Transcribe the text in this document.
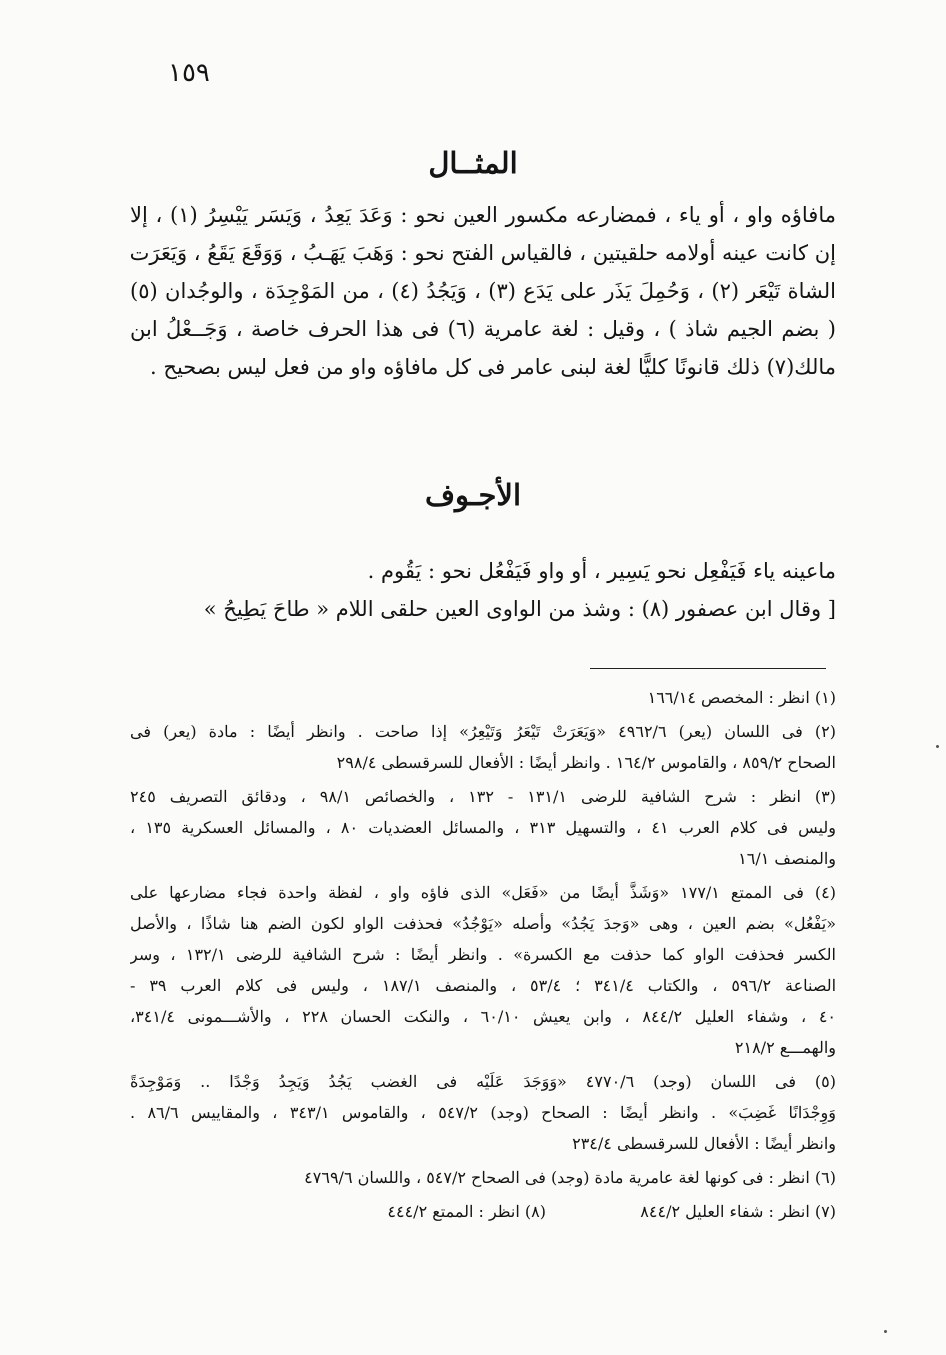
١٥٩
المثــال
مافاؤه واو ، أو ياء ، فمضارعه مكسور العين نحو : وَعَدَ يَعِدُ ، وَيَسَر يَيْسِرُ (١) ، إلا
إن كانت عينه أولامه حلقيتين ، فالقياس الفتح نحو : وَهَبَ يَهَـبُ ، وَوَقَعَ يَقَعُ ، وَيَعَرَت
الشاة تَيْعَر (٢) ، وَحُمِلَ يَذَر على يَدَع (٣) ، وَيَجُدُ (٤) ، من المَوْجِدَة ، والوجُدان (٥)
( بضم الجيم شاذ ) ، وقيل : لغة عامرية (٦) فى هذا الحرف خاصة ، وَجَــعْلُ ابن
مالك(٧) ذلك قانونًا كليًّا لغة لبنى عامر فى كل مافاؤه واو من فعل ليس بصحيح .
الأجـوف
ماعينه ياء فَيَفْعِل نحو يَسِير ، أو واو فَيَفْعُل نحو : يَقُوم .
[ وقال ابن عصفور (٨) : وشذ من الواوى العين حلقى اللام « طاحَ يَطِيحُ »
(١) انظر : المخصص ١٦٦/١٤
(٢) فى اللسان (يعر) ٤٩٦٢/٦ «وَيَعَرَتْ تَيْعَرُ وَتَيْعِرُ» إذا صاحت . وانظر أيضًا : مادة (يعر) فى
الصحاح ٨٥٩/٢ ، والقاموس ١٦٤/٢ . وانظر أيضًا : الأفعال للسرقسطى ٢٩٨/٤
(٣) انظر : شرح الشافية للرضى ١٣١/١ - ١٣٢ ، والخصائص ٩٨/١ ، ودقائق التصريف ٢٤٥
وليس فى كلام العرب ٤١ ، والتسهيل ٣١٣ ، والمسائل العضديات ٨٠ ، والمسائل العسكرية ١٣٥ ،
والمنصف ١٦/١
(٤) فى الممتع ١٧٧/١ «وَشَذَّ أيضًا من «فَعَل» الذى فاؤه واو ، لفظة واحدة فجاء مضارعها على
«يَفْعُل» بضم العين ، وهى «وَجدَ يَجُدُ» وأصله «يَوْجُدُ» فحذفت الواو لكون الضم هنا شاذًا ، والأصل
الكسر فحذفت الواو كما حذفت مع الكسرة» . وانظر أيضًا : شرح الشافية للرضى ١٣٢/١ ، وسر
الصناعة ٥٩٦/٢ ، والكتاب ٣٤١/٤ ؛ ٥٣/٤ ، والمنصف ١٨٧/١ ، وليس فى كلام العرب ٣٩ -
٤٠ ، وشفاء العليل ٨٤٤/٢ ، وابن يعيش ٦٠/١٠ ، والنكت الحسان ٢٢٨ ، والأشـــمونى ٣٤١/٤،
والهمـــع ٢١٨/٢
(٥) فى اللسان (وجد) ٤٧٧٠/٦ «وَوَجَدَ عَلَيْه فى الغضب يَجُدُ وَيَجِدُ وَجْدًا .. وَمَوْجِدَةً
وَوِجْدَانًا غَضِبَ» . وانظر أيضًا : الصحاح (وجد) ٥٤٧/٢ ، والقاموس ٣٤٣/١ ، والمقاييس ٨٦/٦ .
وانظر أيضًا : الأفعال للسرقسطى ٢٣٤/٤
(٦) انظر : فى كونها لغة عامرية مادة (وجد) فى الصحاح ٥٤٧/٢ ، واللسان ٤٧٦٩/٦
(٧) انظر : شفاء العليل ٨٤٤/٢
(٨) انظر : الممتع ٤٤٤/٢
